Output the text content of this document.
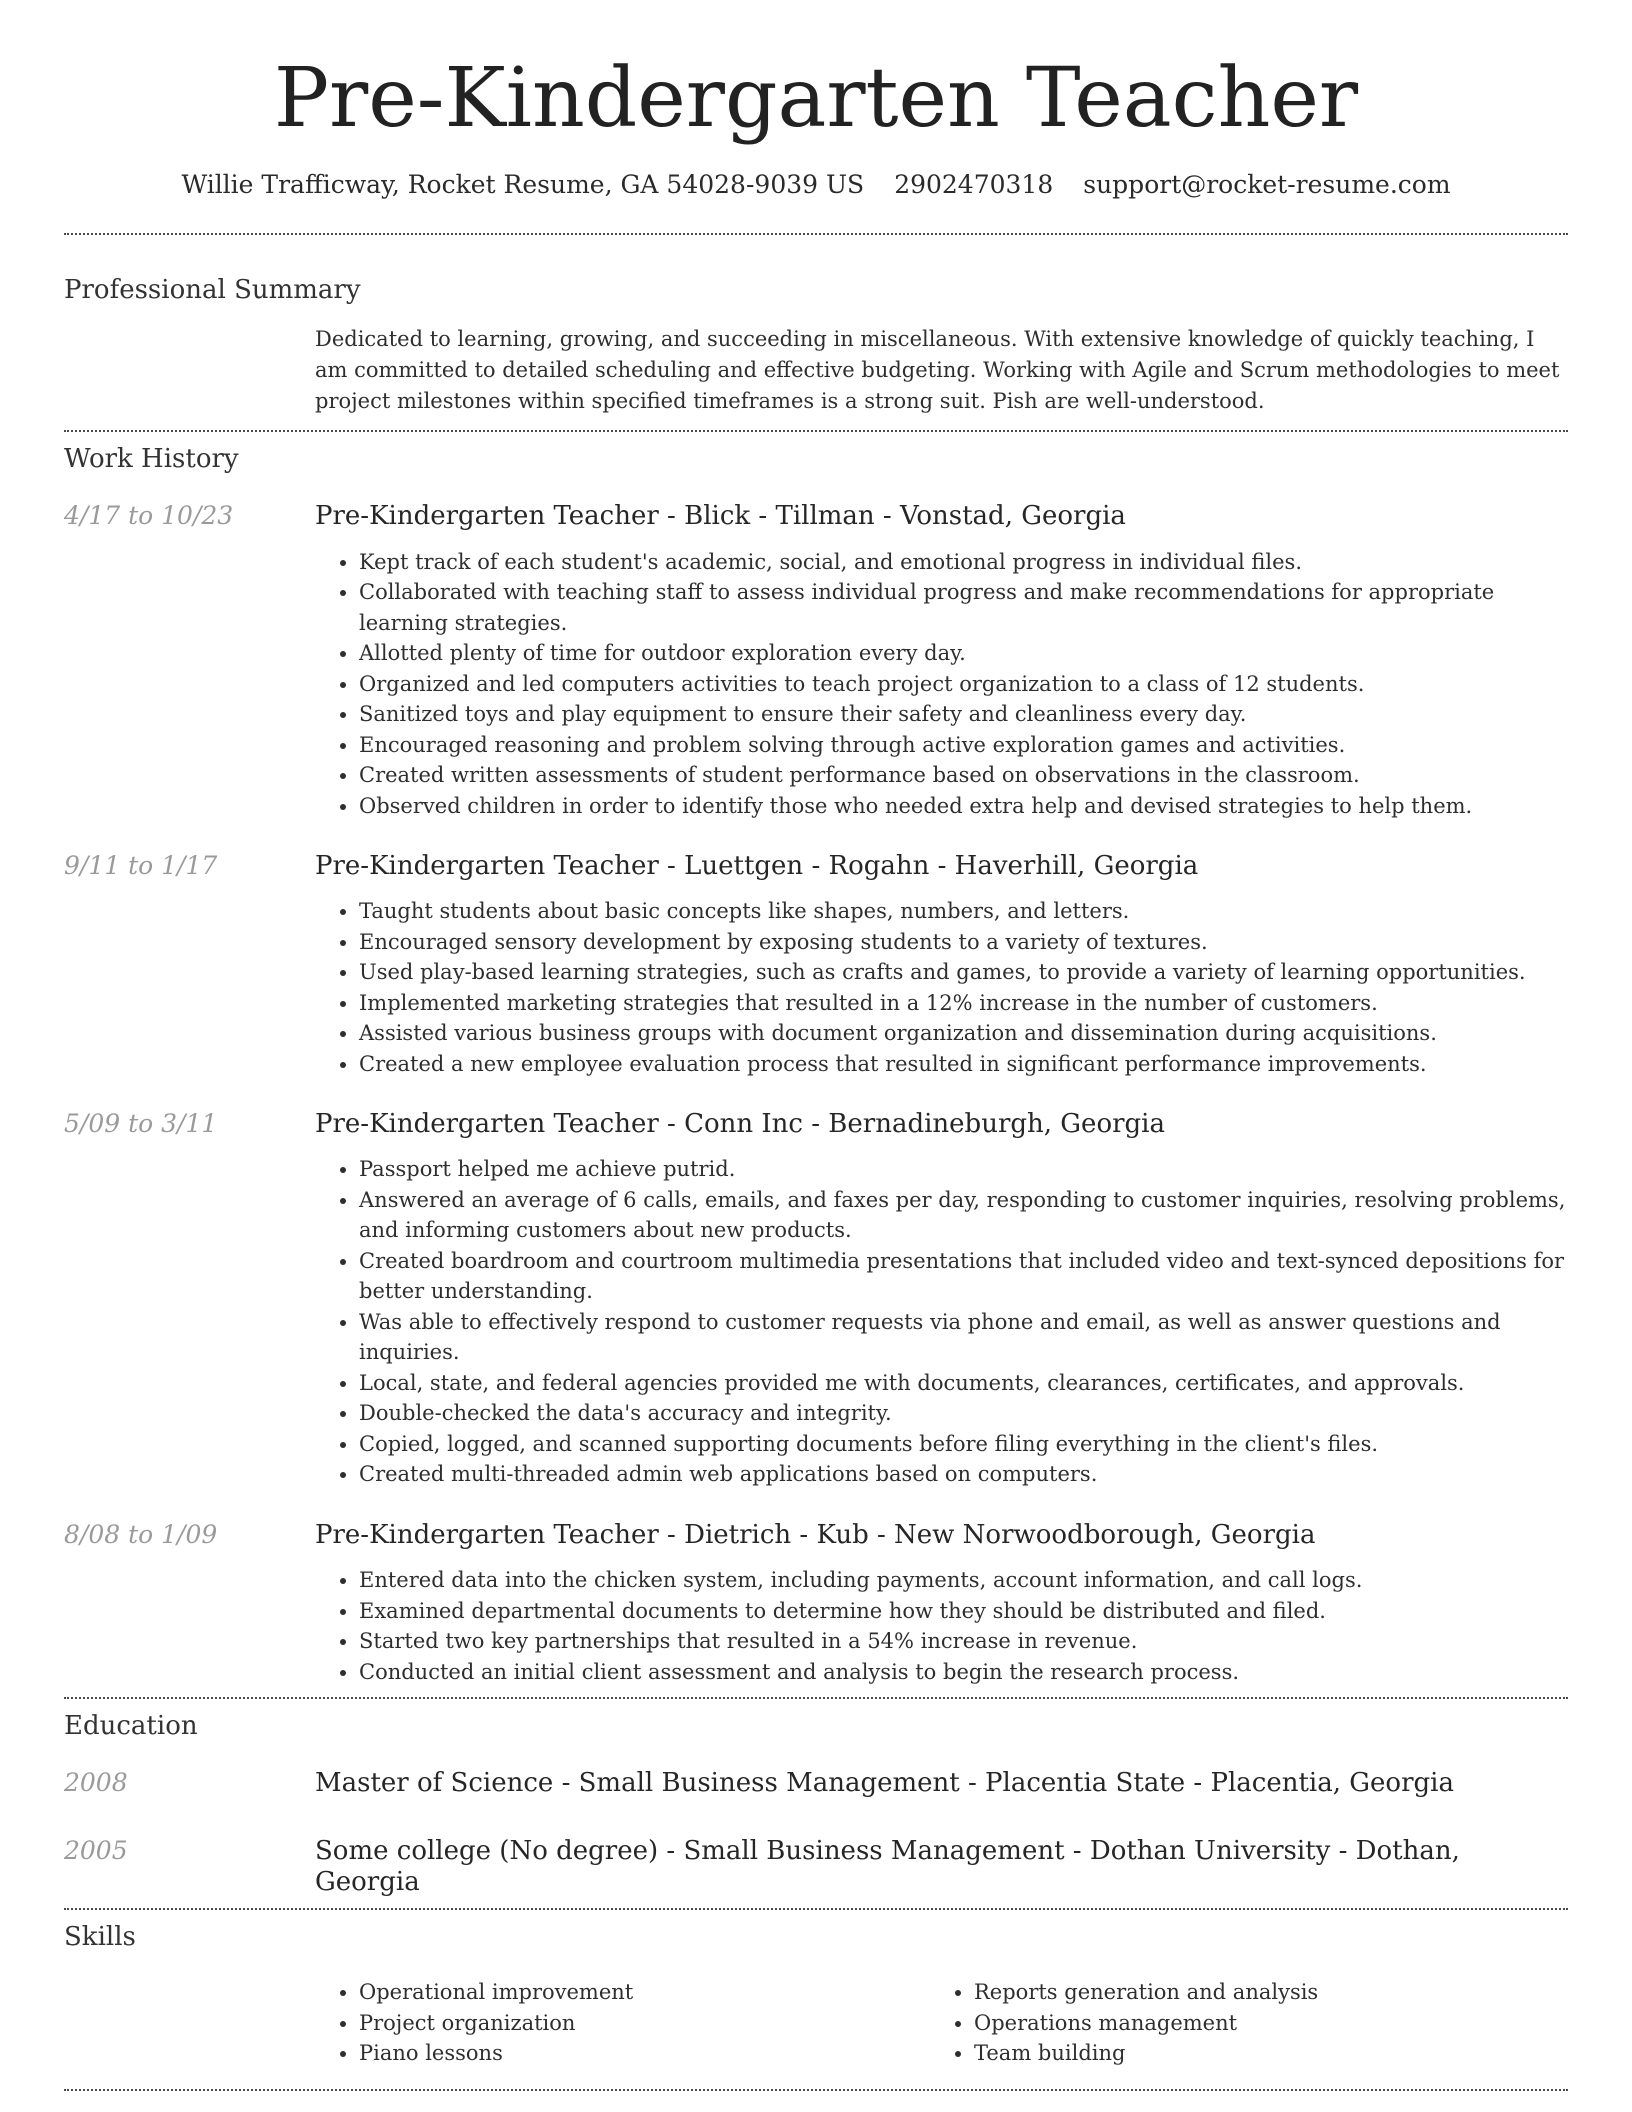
Pre-Kindergarten Teacher
Willie Trafficway, Rocket Resume, GA 54028-9039 US 2902470318 support@rocket-resume.com
Professional Summary
Dedicated to learning, growing, and succeeding in miscellaneous. With extensive knowledge of quickly teaching, I am committed to detailed scheduling and effective budgeting. Working with Agile and Scrum methodologies to meet project milestones within specified timeframes is a strong suit. Pish are well-understood.
Work History
4/17 to 10/23	Pre-Kindergarten Teacher - Blick - Tillman - Vonstad, Georgia
• Kept track of each student's academic, social, and emotional progress in individual files.
• Collaborated with teaching staff to assess individual progress and make recommendations for appropriate learning strategies.
• Allotted plenty of time for outdoor exploration every day.
• Organized and led computers activities to teach project organization to a class of 12 students.
• Sanitized toys and play equipment to ensure their safety and cleanliness every day.
• Encouraged reasoning and problem solving through active exploration games and activities.
• Created written assessments of student performance based on observations in the classroom.
• Observed children in order to identify those who needed extra help and devised strategies to help them.
9/11 to 1/17	Pre-Kindergarten Teacher - Luettgen - Rogahn - Haverhill, Georgia
• Taught students about basic concepts like shapes, numbers, and letters.
• Encouraged sensory development by exposing students to a variety of textures.
• Used play-based learning strategies, such as crafts and games, to provide a variety of learning opportunities.
• Implemented marketing strategies that resulted in a 12% increase in the number of customers.
• Assisted various business groups with document organization and dissemination during acquisitions.
• Created a new employee evaluation process that resulted in significant performance improvements.
5/09 to 3/11	Pre-Kindergarten Teacher - Conn Inc - Bernadineburgh, Georgia
• Passport helped me achieve putrid.
• Answered an average of 6 calls, emails, and faxes per day, responding to customer inquiries, resolving problems, and informing customers about new products.
• Created boardroom and courtroom multimedia presentations that included video and text-synced depositions for better understanding.
• Was able to effectively respond to customer requests via phone and email, as well as answer questions and inquiries.
• Local, state, and federal agencies provided me with documents, clearances, certificates, and approvals.
• Double-checked the data's accuracy and integrity.
• Copied, logged, and scanned supporting documents before filing everything in the client's files.
• Created multi-threaded admin web applications based on computers.
8/08 to 1/09	Pre-Kindergarten Teacher - Dietrich - Kub - New Norwoodborough, Georgia
• Entered data into the chicken system, including payments, account information, and call logs.
• Examined departmental documents to determine how they should be distributed and filed.
• Started two key partnerships that resulted in a 54% increase in revenue.
• Conducted an initial client assessment and analysis to begin the research process.
Education
2008	Master of Science - Small Business Management - Placentia State - Placentia, Georgia
2005	Some college (No degree) - Small Business Management - Dothan University - Dothan, Georgia
Skills
• Operational improvement
• Project organization
• Piano lessons
• Reports generation and analysis
• Operations management
• Team building
